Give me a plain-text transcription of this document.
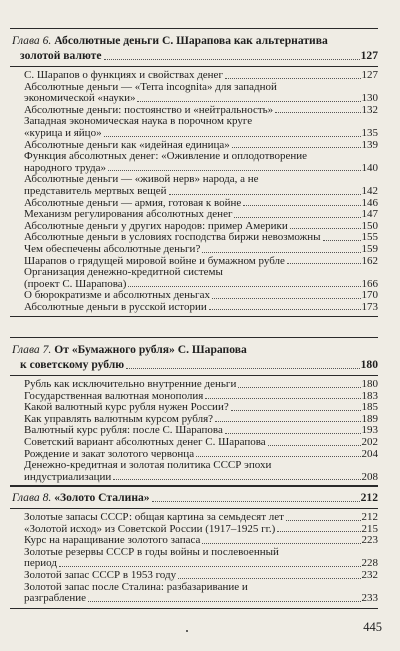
Глава 6. Абсолютные деньги С. Шарапова как альтернатива
золотой валюте	127
С. Шарапов о функциях и свойствах денег	127
Абсолютные деньги — «Terra incognita» для западной
экономической «науки»	130
Абсолютные деньги: постоянство и «нейтральность»	132
Западная экономическая наука в порочном круге
«курица и яйцо»	135
Абсолютные деньги как «идейная единица»	139
Функция абсолютных денег: «Оживление и оплодотворение
народного труда»	140
Абсолютные деньги — «живой нерв» народа, а не
представитель мертвых вещей	142
Абсолютные деньги — армия, готовая к войне	146
Механизм регулирования абсолютных денег	147
Абсолютные деньги у других народов: пример Америки	150
Абсолютные деньги в условиях господства биржи невозможны	155
Чем обеспечены абсолютные деньги?	159
Шарапов о грядущей мировой войне и бумажном рубле	162
Организация денежно-кредитной системы
(проект С. Шарапова)	166
О бюрократизме и абсолютных деньгах	170
Абсолютные деньги в русской истории	173
Глава 7. От «Бумажного рубля» С. Шарапова
к советскому рублю	180
Рубль как исключительно внутренние деньги	180
Государственная валютная монополия	183
Какой валютный курс рубля нужен России?	185
Как управлять валютным курсом рубля?	189
Валютный курс рубля: после С. Шарапова	193
Советский вариант абсолютных денег С. Шарапова	202
Рождение и закат золотого червонца	204
Денежно-кредитная и золотая политика СССР эпохи
индустриализации	208
Глава 8. «Золото Сталина»	212
Золотые запасы СССР: общая картина за семьдесят лет	212
«Золотой исход» из Советской России (1917–1925 гг.)	215
Курс на наращивание золотого запаса	223
Золотые резервы СССР в годы войны и послевоенный
период	228
Золотой запас СССР в 1953 году	232
Золотой запас после Сталина: разбазаривание и
разграбление	233
445
